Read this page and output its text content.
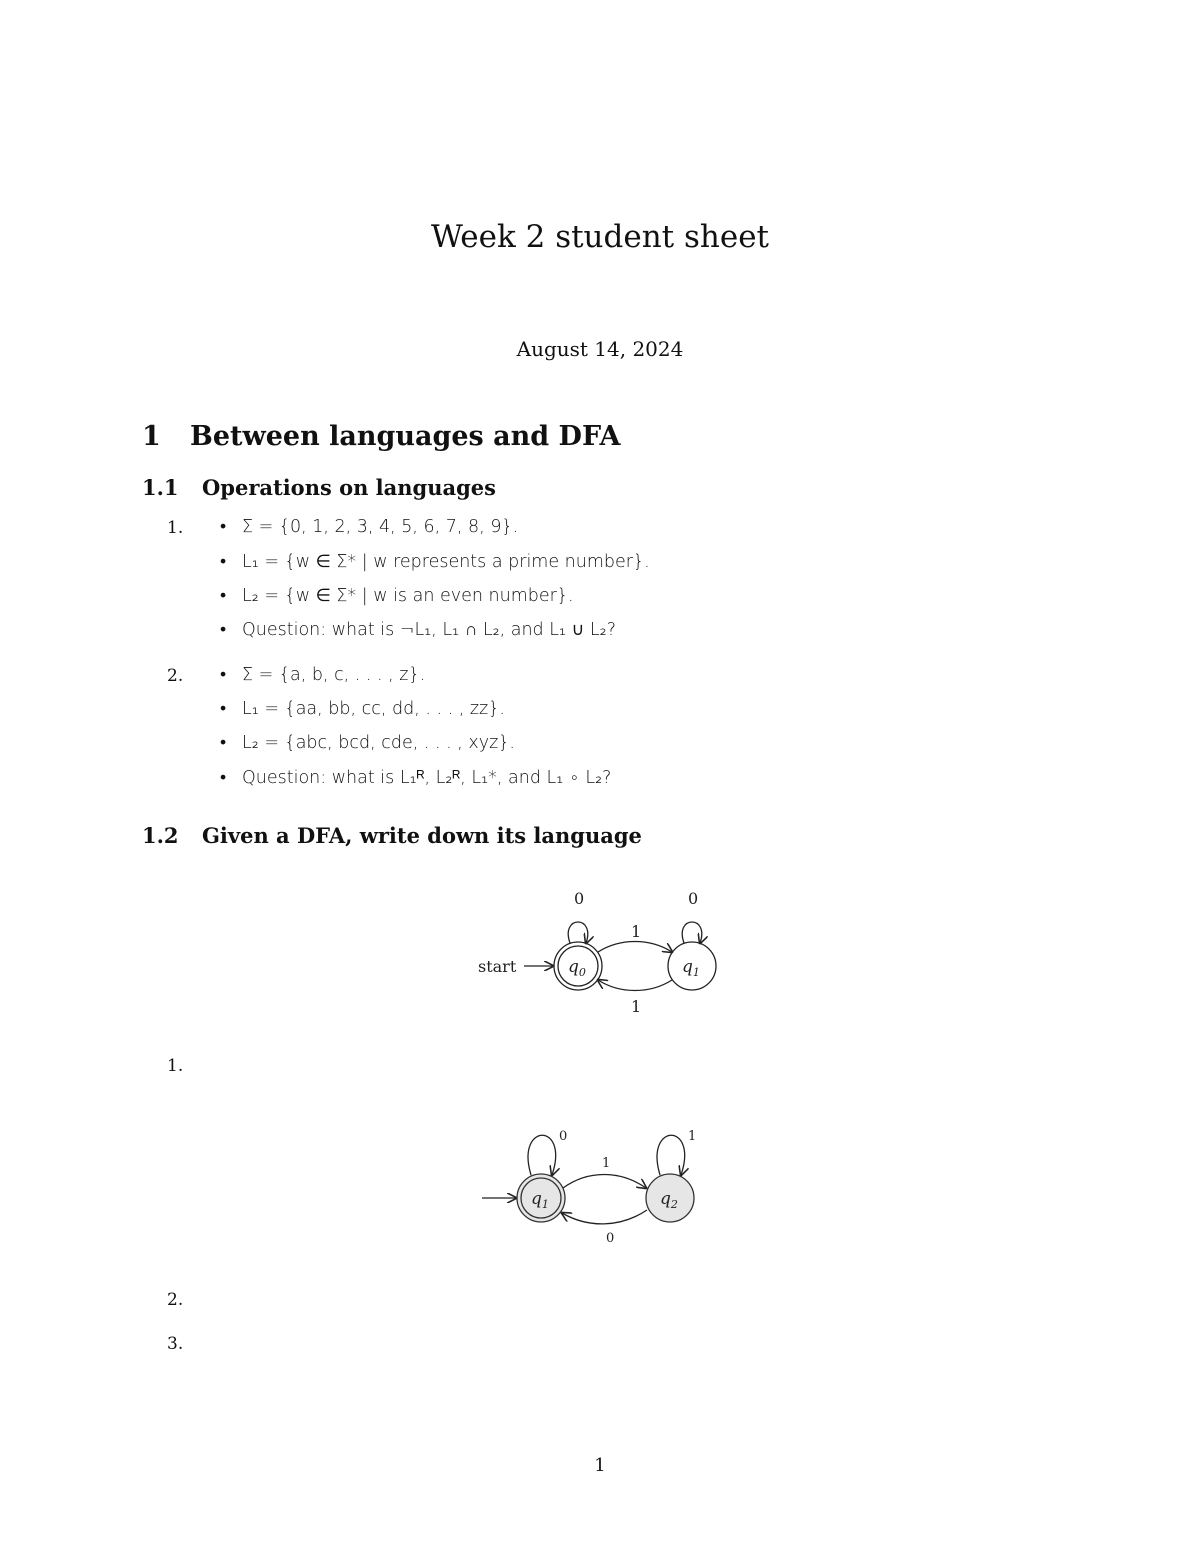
Week 2 student sheet
August 14, 2024
1 Between languages and DFA
1.1 Operations on languages
1. • Σ = {0, 1, 2, 3, 4, 5, 6, 7, 8, 9}.
• L₁ = {w ∈ Σ* | w represents a prime number}.
• L₂ = {w ∈ Σ* | w is an even number}.
• Question: what is ¬L₁, L₁ ∩ L₂, and L₁ ∪ L₂?
2. • Σ = {a, b, c, . . . , z}.
• L₁ = {aa, bb, cc, dd, . . . , zz}.
• L₂ = {abc, bcd, cde, . . . , xyz}.
• Question: what is L₁ᴿ, L₂ᴿ, L₁*, and L₁ ∘ L₂?
1.2 Given a DFA, write down its language
start	$q_0$	$q_1$
0	0
1
1
1.
$q_1$	$q_2$
0	1
1
0
2.
3.
1
